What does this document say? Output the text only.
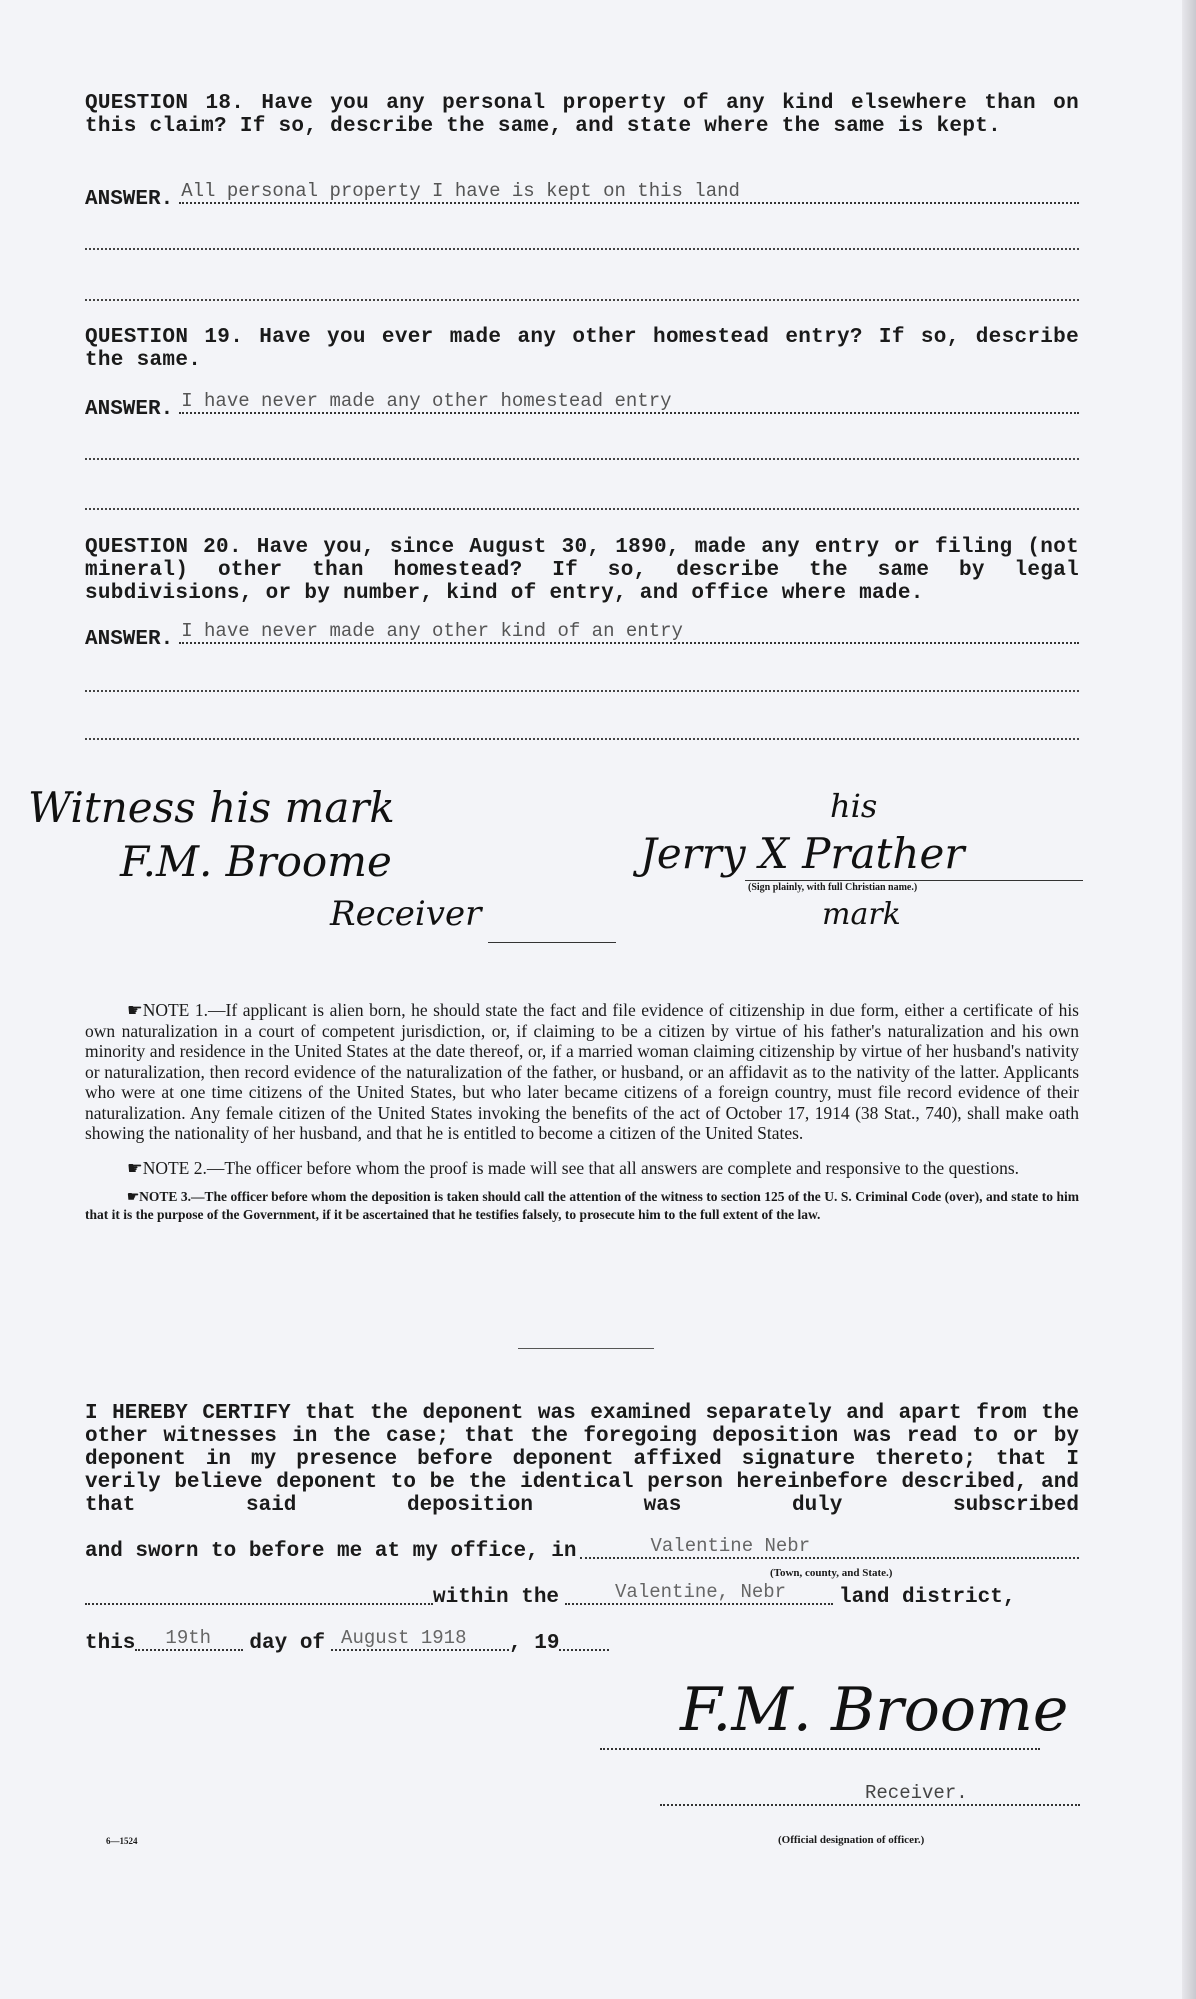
QUESTION 18. Have you any personal property of any kind elsewhere than on this claim? If so, describe the same, and state where the same is kept.
ANSWER. All personal property I have is kept on this land
QUESTION 19. Have you ever made any other homestead entry? If so, describe the same.
ANSWER. I have never made any other homestead entry
QUESTION 20. Have you, since August 30, 1890, made any entry or filing (not mineral) other than homestead? If so, describe the same by legal subdivisions, or by number, kind of entry, and office where made.
ANSWER. I have never made any other kind of an entry
Witness his mark
F.M. Broome
Receiver
his
Jerry X Prather
(Sign plainly, with full Christian name.)
mark
☛NOTE 1.—If applicant is alien born, he should state the fact and file evidence of citizenship in due form, either a certificate of his own naturalization in a court of competent jurisdiction, or, if claiming to be a citizen by virtue of his father's naturalization and his own minority and residence in the United States at the date thereof, or, if a married woman claiming citizenship by virtue of her husband's nativity or naturalization, then record evidence of the naturalization of the father, or husband, or an affidavit as to the nativity of the latter. Applicants who were at one time citizens of the United States, but who later became citizens of a foreign country, must file record evidence of their naturalization. Any female citizen of the United States invoking the benefits of the act of October 17, 1914 (38 Stat., 740), shall make oath showing the nationality of her husband, and that he is entitled to become a citizen of the United States.
☛NOTE 2.—The officer before whom the proof is made will see that all answers are complete and responsive to the questions.
☛NOTE 3.—The officer before whom the deposition is taken should call the attention of the witness to section 125 of the U. S. Criminal Code (over), and state to him that it is the purpose of the Government, if it be ascertained that he testifies falsely, to prosecute him to the full extent of the law.
I HEREBY CERTIFY that the deponent was examined separately and apart from the other witnesses in the case; that the foregoing deposition was read to or by deponent in my presence before deponent affixed signature thereto; that I verily believe deponent to be the identical person hereinbefore described, and that said deposition was duly subscribed
and sworn to before me at my office, in	Valentine Nebr
(Town, county, and State.)
within the	Valentine, Nebr	land district,
this 19th day of August 1918 , 19
F.M. Broome
Receiver.
(Official designation of officer.)
6—1524
